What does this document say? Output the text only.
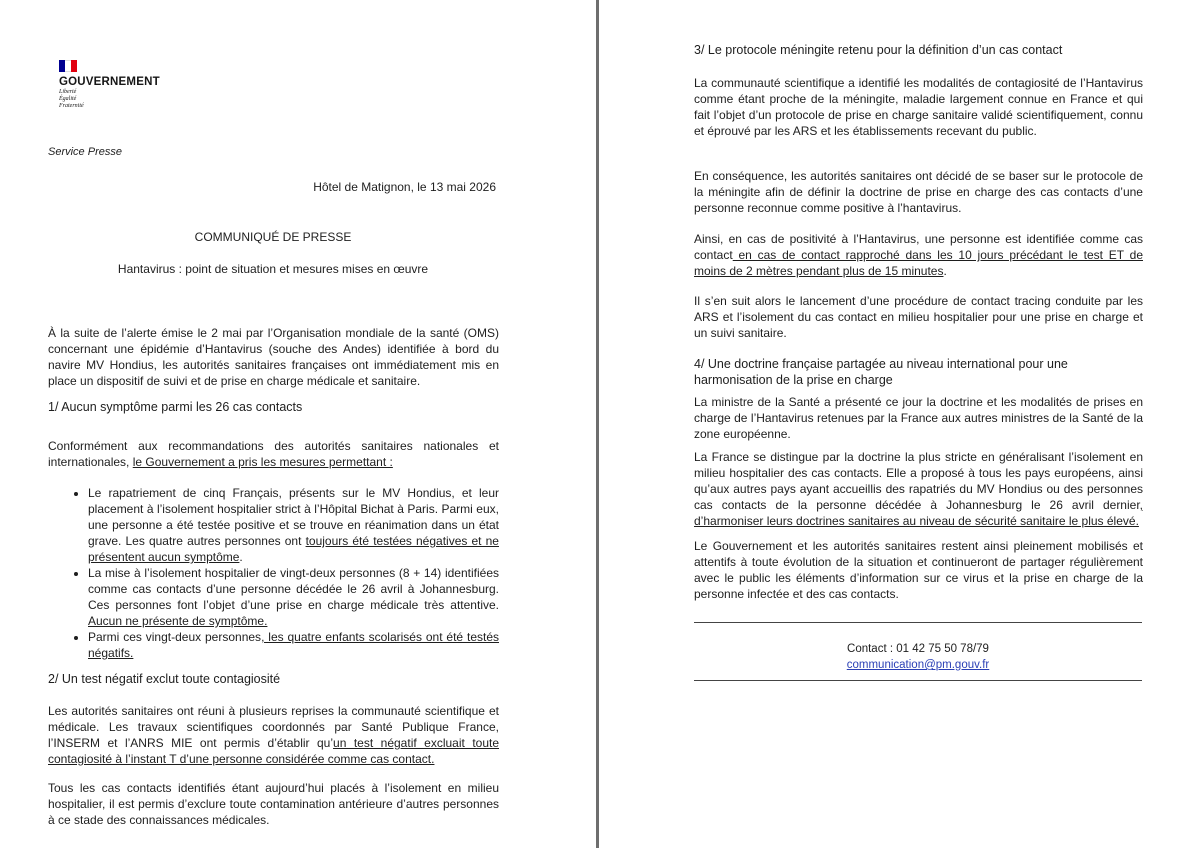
GOUVERNEMENT
Liberté
Égalité
Fraternité
Service Presse
Hôtel de Matignon, le 13 mai 2026
COMMUNIQUÉ DE PRESSE
Hantavirus : point de situation et mesures mises en œuvre
À la suite de l’alerte émise le 2 mai par l’Organisation mondiale de la santé (OMS) concernant une épidémie d’Hantavirus (souche des Andes) identifiée à bord du navire MV Hondius, les autorités sanitaires françaises ont immédiatement mis en place un dispositif de suivi et de prise en charge médicale et sanitaire.
1/ Aucun symptôme parmi les 26 cas contacts
Conformément aux recommandations des autorités sanitaires nationales et internationales, le Gouvernement a pris les mesures permettant :
• Le rapatriement de cinq Français, présents sur le MV Hondius, et leur placement à l’isolement hospitalier strict à l’Hôpital Bichat à Paris. Parmi eux, une personne a été testée positive et se trouve en réanimation dans un état grave. Les quatre autres personnes ont toujours été testées négatives et ne présentent aucun symptôme.
• La mise à l’isolement hospitalier de vingt-deux personnes (8 + 14) identifiées comme cas contacts d’une personne décédée le 26 avril à Johannesburg. Ces personnes font l’objet d’une prise en charge médicale très attentive. Aucun ne présente de symptôme.
• Parmi ces vingt-deux personnes, les quatre enfants scolarisés ont été testés négatifs.
2/ Un test négatif exclut toute contagiosité
Les autorités sanitaires ont réuni à plusieurs reprises la communauté scientifique et médicale. Les travaux scientifiques coordonnés par Santé Publique France, l’INSERM et l’ANRS MIE ont permis d’établir qu’un test négatif excluait toute contagiosité à l’instant T d’une personne considérée comme cas contact.
Tous les cas contacts identifiés étant aujourd’hui placés à l’isolement en milieu hospitalier, il est permis d’exclure toute contamination antérieure d’autres personnes à ce stade des connaissances médicales.
3/ Le protocole méningite retenu pour la définition d’un cas contact
La communauté scientifique a identifié les modalités de contagiosité de l’Hantavirus comme étant proche de la méningite, maladie largement connue en France et qui fait l’objet d’un protocole de prise en charge sanitaire validé scientifiquement, connu et éprouvé par les ARS et les établissements recevant du public.
En conséquence, les autorités sanitaires ont décidé de se baser sur le protocole de la méningite afin de définir la doctrine de prise en charge des cas contacts d’une personne reconnue comme positive à l’hantavirus.
Ainsi, en cas de positivité à l’Hantavirus, une personne est identifiée comme cas contact en cas de contact rapproché dans les 10 jours précédant le test ET de moins de 2 mètres pendant plus de 15 minutes.
Il s’en suit alors le lancement d’une procédure de contact tracing conduite par les ARS et l’isolement du cas contact en milieu hospitalier pour une prise en charge et un suivi sanitaire.
4/ Une doctrine française partagée au niveau international pour une harmonisation de la prise en charge
La ministre de la Santé a présenté ce jour la doctrine et les modalités de prises en charge de l’Hantavirus retenues par la France aux autres ministres de la Santé de la zone européenne.
La France se distingue par la doctrine la plus stricte en généralisant l’isolement en milieu hospitalier des cas contacts. Elle a proposé à tous les pays européens, ainsi qu’aux autres pays ayant accueillis des rapatriés du MV Hondius ou des personnes cas contacts de la personne décédée à Johannesburg le 26 avril dernier, d’harmoniser leurs doctrines sanitaires au niveau de sécurité sanitaire le plus élevé.
Le Gouvernement et les autorités sanitaires restent ainsi pleinement mobilisés et attentifs à toute évolution de la situation et continueront de partager régulièrement avec le public les éléments d’information sur ce virus et la prise en charge de la personne infectée et des cas contacts.
Contact : 01 42 75 50 78/79
communication@pm.gouv.fr
